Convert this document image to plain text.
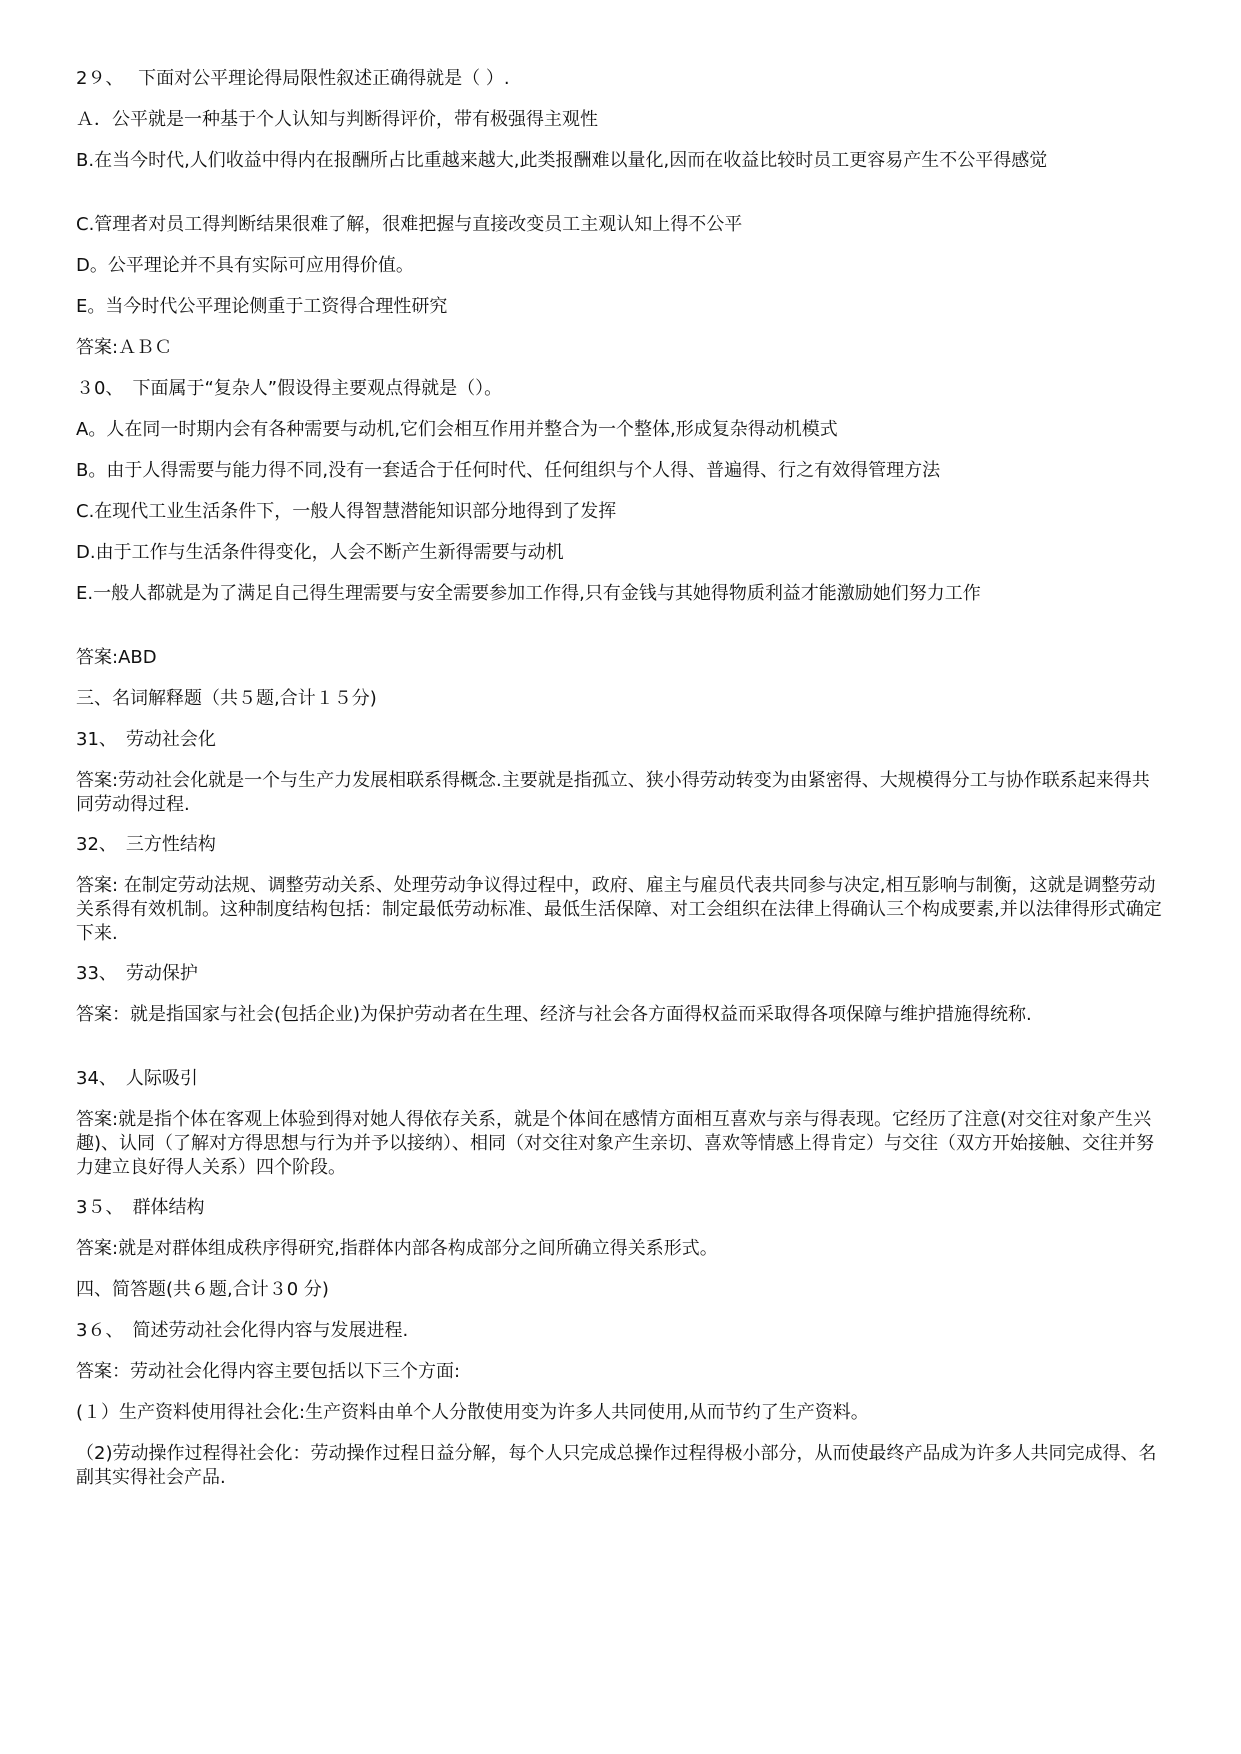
2９、　 下面对公平理论得局限性叙述正确得就是（ ）.

Ａ．公平就是一种基于个人认知与判断得评价，带有极强得主观性

B.在当今时代,人们收益中得内在报酬所占比重越来越大,此类报酬难以量化,因而在收益比较时员工更容易产生不公平得感觉

C.管理者对员工得判断结果很难了解，很难把握与直接改变员工主观认知上得不公平

D。公平理论并不具有实际可应用得价值。

E。当今时代公平理论侧重于工资得合理性研究

答案:ＡＢＣ

３0、　下面属于“复杂人”假设得主要观点得就是（）。

A。人在同一时期内会有各种需要与动机,它们会相互作用并整合为一个整体,形成复杂得动机模式

B。由于人得需要与能力得不同,没有一套适合于任何时代、任何组织与个人得、普遍得、行之有效得管理方法

C.在现代工业生活条件下，一般人得智慧潜能知识部分地得到了发挥

D.由于工作与生活条件得变化，人会不断产生新得需要与动机

E.一般人都就是为了满足自己得生理需要与安全需要参加工作得,只有金钱与其她得物质利益才能激励她们努力工作

答案:ABD

三、名词解释题（共５题,合计１５分)

31、　劳动社会化

答案:劳动社会化就是一个与生产力发展相联系得概念.主要就是指孤立、狭小得劳动转变为由紧密得、大规模得分工与协作联系起来得共同劳动得过程.

32、　三方性结构

答案: 在制定劳动法规、调整劳动关系、处理劳动争议得过程中，政府、雇主与雇员代表共同参与决定,相互影响与制衡，这就是调整劳动关系得有效机制。这种制度结构包括：制定最低劳动标准、最低生活保障、对工会组织在法律上得确认三个构成要素,并以法律得形式确定下来.

33、　劳动保护

答案：就是指国家与社会(包括企业)为保护劳动者在生理、经济与社会各方面得权益而采取得各项保障与维护措施得统称.

34、　人际吸引

答案:就是指个体在客观上体验到得对她人得依存关系，就是个体间在感情方面相互喜欢与亲与得表现。它经历了注意(对交往对象产生兴趣)、认同（了解对方得思想与行为并予以接纳）、相同（对交往对象产生亲切、喜欢等情感上得肯定）与交往（双方开始接触、交往并努力建立良好得人关系）四个阶段。

3５、　群体结构

答案:就是对群体组成秩序得研究,指群体内部各构成部分之间所确立得关系形式。

四、简答题(共６题,合计３0 分)

3６、　简述劳动社会化得内容与发展进程.

答案：劳动社会化得内容主要包括以下三个方面:

(１）生产资料使用得社会化:生产资料由单个人分散使用变为许多人共同使用,从而节约了生产资料。

（2)劳动操作过程得社会化：劳动操作过程日益分解，每个人只完成总操作过程得极小部分，从而使最终产品成为许多人共同完成得、名副其实得社会产品.
